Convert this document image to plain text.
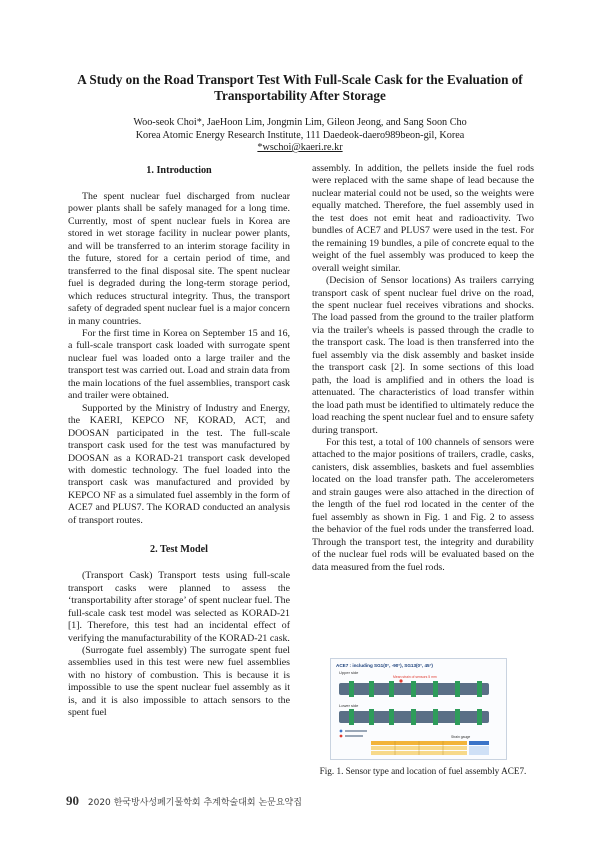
A Study on the Road Transport Test With Full-Scale Cask for the Evaluation of
Transportability After Storage
Woo-seok Choi*, JaeHoon Lim, Jongmin Lim, Gileon Jeong, and Sang Soon Cho
Korea Atomic Energy Research Institute, 111 Daedeok-daero989beon-gil, Korea
*wschoi@kaeri.re.kr
1. Introduction

The spent nuclear fuel discharged from nuclear power plants shall be safely managed for a long time. Currently, most of spent nuclear fuels in Korea are stored in wet storage facility in nuclear power plants, and will be transferred to an interim storage facility in the future, stored for a certain period of time, and transferred to the final disposal site. The spent nuclear fuel is degraded during the long-term storage period, which reduces structural integrity. Thus, the transport safety of degraded spent nuclear fuel is a major concern in many countries.

For the first time in Korea on September 15 and 16, a full-scale transport cask loaded with surrogate spent nuclear fuel was loaded onto a large trailer and the transport test was carried out. Load and strain data from the main locations of the fuel assemblies, transport cask and trailer were obtained.

Supported by the Ministry of Industry and Energy, the KAERI, KEPCO NF, KORAD, ACT, and DOOSAN participated in the test. The full-scale transport cask used for the test was manufactured by DOOSAN as a KORAD-21 transport cask developed with domestic technology. The fuel loaded into the transport cask was manufactured and provided by KEPCO NF as a simulated fuel assembly in the form of ACE7 and PLUS7. The KORAD conducted an analysis of transport routes.

2. Test Model

(Transport Cask) Transport tests using full-scale transport casks were planned to assess the ‘transportability after storage’ of spent nuclear fuel. The full-scale cask test model was selected as KORAD-21 [1]. Therefore, this test had an incidental effect of verifying the manufacturability of the KORAD-21 cask.

(Surrogate fuel assembly) The surrogate spent fuel assemblies used in this test were new fuel assemblies with no history of combustion. This is because it is impossible to use the spent nuclear fuel assembly as it is, and it is also impossible to attach sensors to the spent fuel

assembly. In addition, the pellets inside the fuel rods were replaced with the same shape of lead because the nuclear material could not be used, so the weights were equally matched. Therefore, the fuel assembly used in the test does not emit heat and radioactivity. Two bundles of ACE7 and PLUS7 were used in the test. For the remaining 19 bundles, a pile of concrete equal to the weight of the fuel assembly was produced to keep the overall weight similar.

(Decision of Sensor locations) As trailers carrying transport cask of spent nuclear fuel drive on the road, the spent nuclear fuel receives vibrations and shocks. The load passed from the ground to the trailer platform via the trailer's wheels is passed through the cradle to the transport cask. The load is then transferred into the fuel assembly via the disk assembly and basket inside the transport cask [2]. In some sections of this load path, the load is amplified and in others the load is attenuated. The characteristics of load transfer within the load path must be identified to ultimately reduce the load reaching the spent nuclear fuel and to ensure safety during transport.

For this test, a total of 100 channels of sensors were attached to the major positions of trailers, cradle, casks, canisters, disk assemblies, baskets and fuel assemblies located on the load transfer path. The accelerometers and strain gauges were also attached in the direction of the length of the fuel rod located in the center of the fuel assembly as shown in Fig. 1 and Fig. 2 to assess the behavior of the fuel rods under the transferred load. Through the transport test, the integrity and durability of the nuclear fuel rods will be evaluated based on the data measured from the fuel rods.

ACE7 : including SG1(0°, -90°), SG13(0°, 45°)
Upper side
Mean strain of sensors 5 mm
Lower side
Strain gauge
Fig. 1. Sensor type and location of fuel assembly ACE7.
90 2020 한국방사성폐기물학회 추계학술대회 논문요약집
